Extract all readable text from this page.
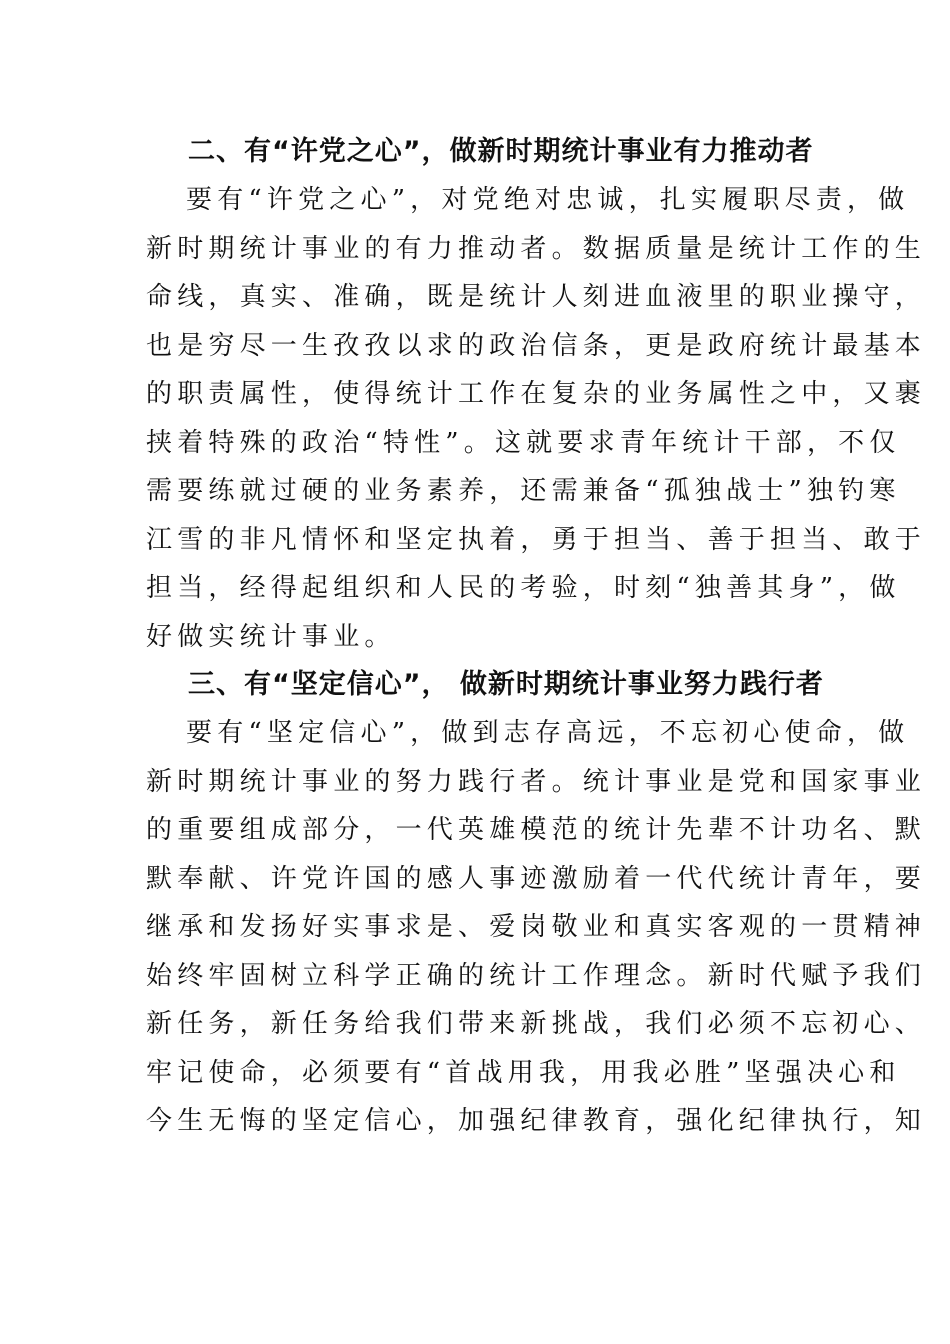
二、有“许党之心”，做新时期统计事业有力推动者
要有“许党之心”，对党绝对忠诚，扎实履职尽责，做
新时期统计事业的有力推动者。数据质量是统计工作的生
命线，真实、准确，既是统计人刻进血液里的职业操守，
也是穷尽一生孜孜以求的政治信条，更是政府统计最基本
的职责属性，使得统计工作在复杂的业务属性之中，又裹
挟着特殊的政治“特性”。这就要求青年统计干部，不仅
需要练就过硬的业务素养，还需兼备“孤独战士”独钓寒
江雪的非凡情怀和坚定执着，勇于担当、善于担当、敢于
担当，经得起组织和人民的考验，时刻“独善其身”，做
好做实统计事业。
三、有“坚定信心”， 做新时期统计事业努力践行者
要有“坚定信心”，做到志存高远，不忘初心使命，做
新时期统计事业的努力践行者。统计事业是党和国家事业
的重要组成部分，一代英雄模范的统计先辈不计功名、默
默奉献、许党许国的感人事迹激励着一代代统计青年，要
继承和发扬好实事求是、爱岗敬业和真实客观的一贯精神
始终牢固树立科学正确的统计工作理念。新时代赋予我们
新任务，新任务给我们带来新挑战，我们必须不忘初心、
牢记使命，必须要有“首战用我，用我必胜”坚强决心和
今生无悔的坚定信心，加强纪律教育，强化纪律执行，知
